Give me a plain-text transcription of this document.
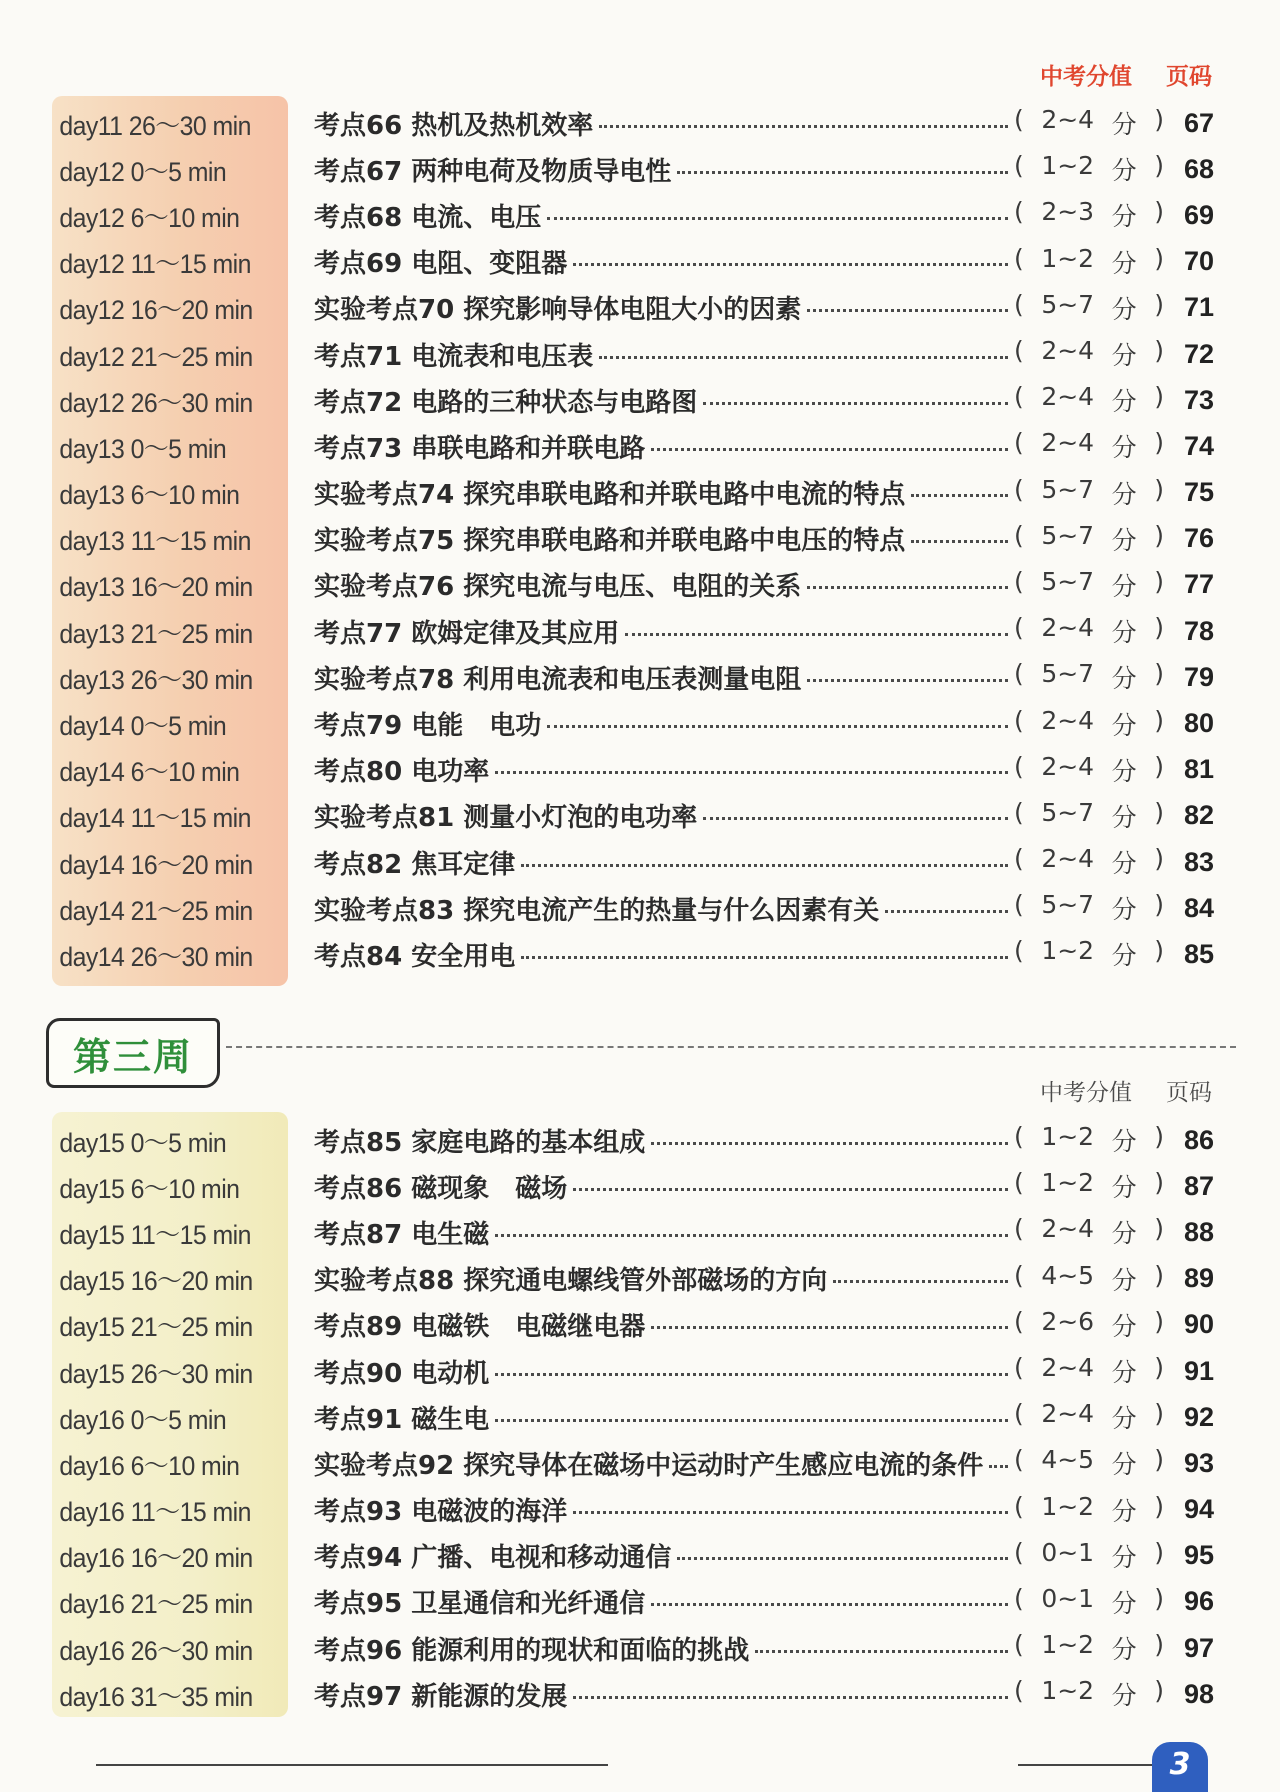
中考分值 页码
day11 26～30 min	考点66 热机及热机效率	( 2~4 分 ) 67
day12 0～5 min	考点67 两种电荷及物质导电性	( 1~2 分 ) 68
day12 6～10 min	考点68 电流、电压	( 2~3 分 ) 69
day12 11～15 min	考点69 电阻、变阻器	( 1~2 分 ) 70
day12 16～20 min	实验考点70 探究影响导体电阻大小的因素	( 5~7 分 ) 71
day12 21～25 min	考点71 电流表和电压表	( 2~4 分 ) 72
day12 26～30 min	考点72 电路的三种状态与电路图	( 2~4 分 ) 73
day13 0～5 min	考点73 串联电路和并联电路	( 2~4 分 ) 74
day13 6～10 min	实验考点74 探究串联电路和并联电路中电流的特点	( 5~7 分 ) 75
day13 11～15 min	实验考点75 探究串联电路和并联电路中电压的特点	( 5~7 分 ) 76
day13 16～20 min	实验考点76 探究电流与电压、电阻的关系	( 5~7 分 ) 77
day13 21～25 min	考点77 欧姆定律及其应用	( 2~4 分 ) 78
day13 26～30 min	实验考点78 利用电流表和电压表测量电阻	( 5~7 分 ) 79
day14 0～5 min	考点79 电能　电功	( 2~4 分 ) 80
day14 6～10 min	考点80 电功率	( 2~4 分 ) 81
day14 11～15 min	实验考点81 测量小灯泡的电功率	( 5~7 分 ) 82
day14 16～20 min	考点82 焦耳定律	( 2~4 分 ) 83
day14 21～25 min	实验考点83 探究电流产生的热量与什么因素有关	( 5~7 分 ) 84
day14 26～30 min	考点84 安全用电	( 1~2 分 ) 85
第三周
中考分值 页码
day15 0～5 min	考点85 家庭电路的基本组成	( 1~2 分 ) 86
day15 6～10 min	考点86 磁现象　磁场	( 1~2 分 ) 87
day15 11～15 min	考点87 电生磁	( 2~4 分 ) 88
day15 16～20 min	实验考点88 探究通电螺线管外部磁场的方向	( 4~5 分 ) 89
day15 21～25 min	考点89 电磁铁　电磁继电器	( 2~6 分 ) 90
day15 26～30 min	考点90 电动机	( 2~4 分 ) 91
day16 0～5 min	考点91 磁生电	( 2~4 分 ) 92
day16 6～10 min	实验考点92 探究导体在磁场中运动时产生感应电流的条件 ( 4~5 分 ) 93
day16 11～15 min	考点93 电磁波的海洋	( 1~2 分 ) 94
day16 16～20 min	考点94 广播、电视和移动通信	( 0~1 分 ) 95
day16 21～25 min	考点95 卫星通信和光纤通信	( 0~1 分 ) 96
day16 26～30 min	考点96 能源利用的现状和面临的挑战	( 1~2 分 ) 97
day16 31～35 min	考点97 新能源的发展	( 1~2 分 ) 98
3
